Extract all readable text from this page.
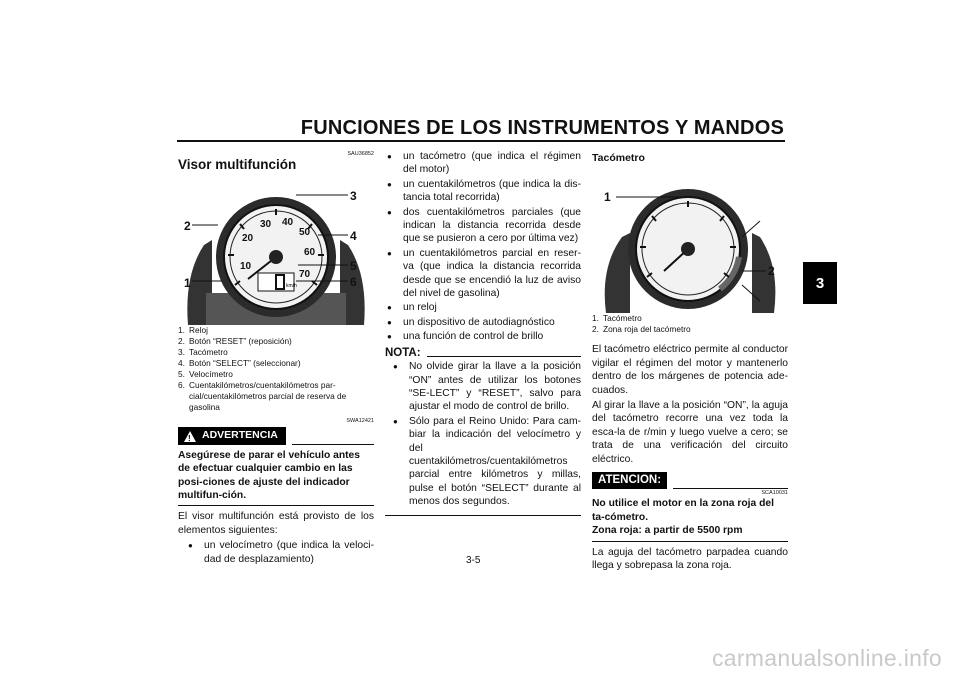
FUNCIONES DE LOS INSTRUMENTOS Y MANDOS
3
SAU36852
Visor multifunción
10
20
30 40
50
60
70
km/h
1
2
3
4
5
6
1. Reloj
2. Botón “RESET” (reposición)
3. Tacómetro
4. Botón “SELECT” (seleccionar)
5. Velocímetro
6. Cuentakilómetros/cuentakilómetros par-cial/cuentakilómetros parcial de reserva de gasolina
SWA12421
! ADVERTENCIA
Asegúrese de parar el vehículo antes de efectuar cualquier cambio en las posi-ciones de ajuste del indicador multifun-ción.
El visor multifunción está provisto de los elementos siguientes:
●	un velocímetro (que indica la veloci-dad de desplazamiento)
●	un tacómetro (que indica el régimen del motor)
●	un cuentakilómetros (que indica la dis-tancia total recorrida)
●	dos cuentakilómetros parciales (que indican la distancia recorrida desde que se pusieron a cero por última vez)
●	un cuentakilómetros parcial en reser-va (que indica la distancia recorrida desde que se encendió la luz de aviso del nivel de gasolina)
●	un reloj
●	un dispositivo de autodiagnóstico
●	una función de control de brillo
NOTA:
●	No olvide girar la llave a la posición “ON” antes de utilizar los botones “SE-LECT” y “RESET”, salvo para ajustar el modo de control de brillo.
●	Sólo para el Reino Unido: Para cam-biar la indicación del velocímetro y del cuentakilómetros/cuentakilómetros parcial entre kilómetros y millas, pulse el botón “SELECT” durante al menos dos segundos.
Tacómetro
1
2
1. Tacómetro
2. Zona roja del tacómetro
El tacómetro eléctrico permite al conductor vigilar el régimen del motor y mantenerlo dentro de los márgenes de potencia ade-cuados.
Al girar la llave a la posición “ON”, la aguja del tacómetro recorre una vez toda la esca-la de r/min y luego vuelve a cero; se trata de una verificación del circuito eléctrico.
ATENCION:
SCA10031
No utilice el motor en la zona roja del ta-cómetro.
Zona roja: a partir de 5500 rpm
La aguja del tacómetro parpadea cuando llega y sobrepasa la zona roja.
3-5
carmanualsonline.info
